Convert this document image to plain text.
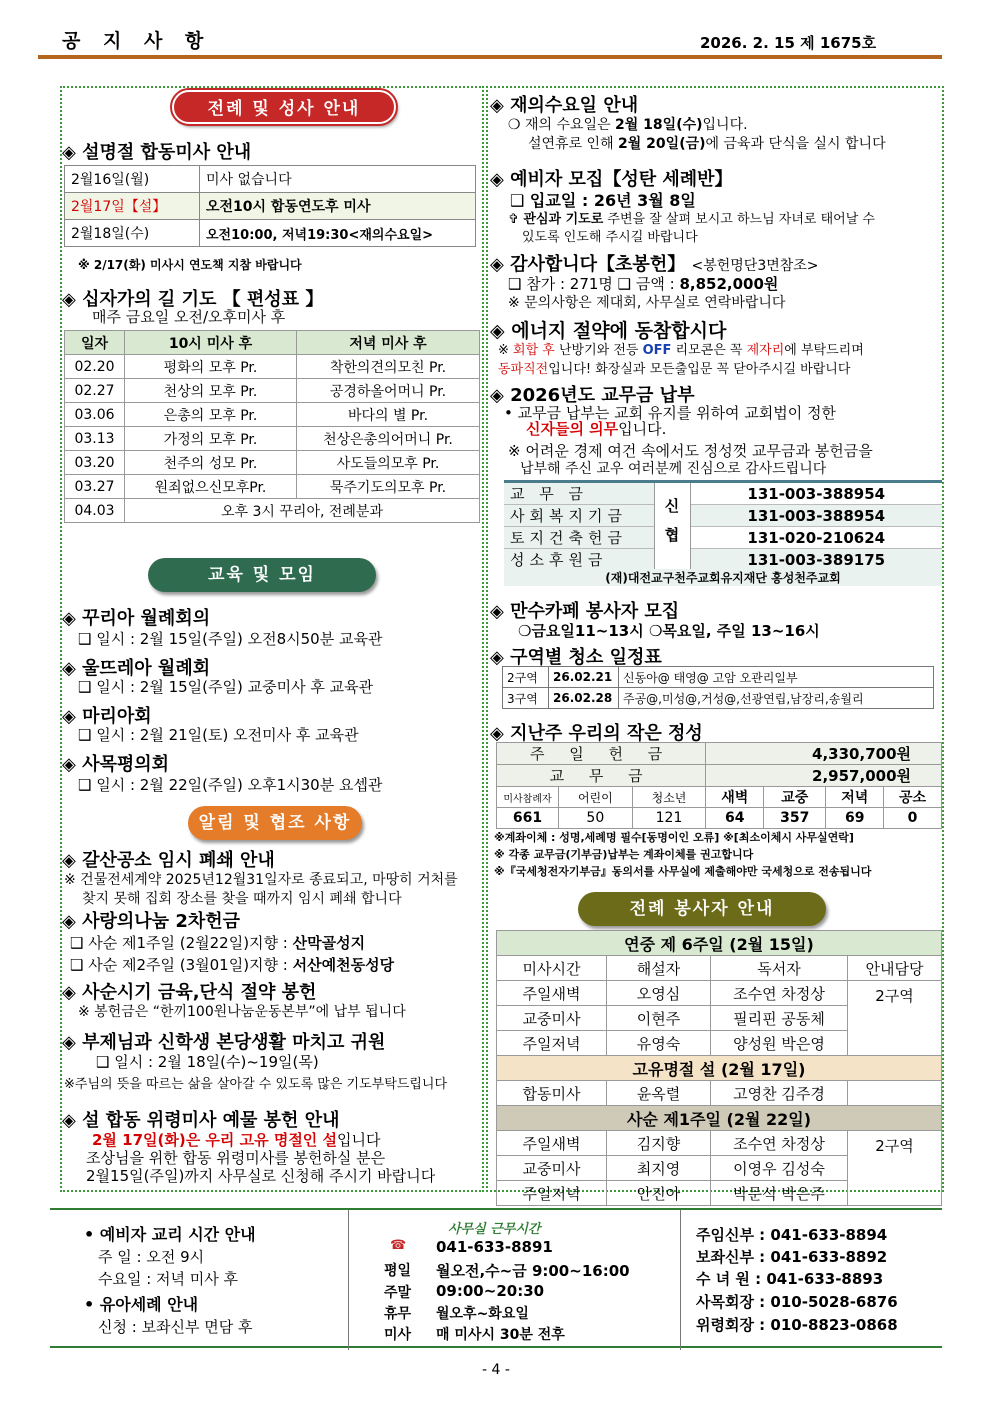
공 지 사 항	2026. 2. 15 제 1675호
전례 및 성사 안내
◈ 설명절 합동미사 안내
2월16일(월)	미사 없습니다
2월17일【설】	오전10시 합동연도후 미사
2월18일(수)	오전10:00, 저녁19:30<재의수요일>
※ 2/17(화) 미사시 연도책 지참 바랍니다
◈ 십자가의 길 기도 【 편성표 】
매주 금요일 오전/오후미사 후
일자	10시 미사 후	저녁 미사 후
02.20	평화의 모후 Pr.	착한의견의모친 Pr.
02.27	천상의 모후 Pr.	공경하올어머니 Pr.
03.06	은총의 모후 Pr.	바다의 별 Pr.
03.13	가정의 모후 Pr.	천상은총의어머니 Pr.
03.20	천주의 성모 Pr.	사도들의모후 Pr.
03.27	원죄없으신모후Pr.	묵주기도의모후 Pr.
04.03	오후 3시 꾸리아, 전례분과	
교육 및 모임
◈ 꾸리아 월례회의
❑ 일시 : 2월 15일(주일) 오전8시50분 교육관
◈ 울뜨레아 월례회
❑ 일시 : 2월 15일(주일) 교중미사 후 교육관
◈ 마리아회
❑ 일시 : 2월 21일(토) 오전미사 후 교육관
◈ 사목평의회
❑ 일시 : 2월 22일(주일) 오후1시30분 요셉관
알림 및 협조 사항
◈ 갈산공소 임시 폐쇄 안내
※ 건물전세계약 2025년12월31일자로 종료되고, 마땅히 거처를
찾지 못해 집회 장소를 찾을 때까지 임시 폐쇄 합니다
◈ 사랑의나눔 2차헌금
❑ 사순 제1주일 (2월22일)지향 : 산막골성지
❑ 사순 제2주일 (3월01일)지향 : 서산예천동성당
◈ 사순시기 금육,단식 절약 봉헌
※ 봉헌금은 “한끼100원나눔운동본부”에 납부 됩니다
◈ 부제님과 신학생 본당생활 마치고 귀원
❑ 일시 : 2월 18일(수)~19일(목)
※주님의 뜻을 따르는 삶을 살아갈 수 있도록 많은 기도부탁드립니다
◈ 설 합동 위령미사 예물 봉헌 안내
2월 17일(화)은 우리 고유 명절인 설입니다
조상님을 위한 합동 위령미사를 봉헌하실 분은
2월15일(주일)까지 사무실로 신청해 주시기 바랍니다
◈ 재의수요일 안내
❍ 재의 수요일은 2월 18일(수)입니다.
설연휴로 인해 2월 20일(금)에 금육과 단식을 실시 합니다
◈ 예비자 모집【성탄 세례반】
❑ 입교일 : 26년 3월 8일
✞ 관심과 기도로 주변을 잘 살펴 보시고 하느님 자녀로 태어날 수
있도록 인도해 주시길 바랍니다
◈ 감사합니다【초봉헌】 <봉헌명단3면참조>
❑ 참가 : 271명 ❑ 금액 : 8,852,000원
※ 문의사항은 제대회, 사무실로 연락바랍니다
◈ 에너지 절약에 동참합시다
※ 회합 후 난방기와 전등 OFF 리모콘은 꼭 제자리에 부탁드리며
동파직전입니다! 화장실과 모든출입문 꼭 닫아주시길 바랍니다
◈ 2026년도 교무금 납부
• 교무금 납부는 교회 유지를 위하여 교회법이 정한
신자들의 의무입니다.
※ 어려운 경제 여건 속에서도 정성껏 교무금과 봉헌금을
납부해 주신 교우 여러분께 진심으로 감사드립니다
교 무 금	신협	131-003-388954
사회복지기금		131-003-388954
토지건축헌금		131-020-210624
성소후원금		131-003-389175
(재)대전교구천주교회유지재단 홍성천주교회
◈ 만수카페 봉사자 모집
❍금요일11~13시 ❍목요일, 주일 13~16시
◈ 구역별 청소 일정표
2구역	26.02.21	신동아@ 태영@ 고암 오관리일부
3구역	26.02.28	주공@,미성@,거성@,선광연립,남장리,송월리
◈ 지난주 우리의 작은 정성
주 일 헌 금			4,330,700원			
교 무 금			2,957,000원			
미사참례자	어린이	청소년	새벽	교중	저녁	공소
661	50	121	64	357	69	0
※계좌이체 : 성명,세례명 필수[동명이인 오류] ※[최소이체시 사무실연락]
※ 각종 교무금(기부금)납부는 계좌이체를 권고합니다
※『국세청전자기부금』동의서를 사무실에 제출해야만 국세청으로 전송됩니다
전례 봉사자 안내
연중 제 6주일 (2월 15일)			
미사시간	해설자	독서자	안내담당
주일새벽	오영심	조수연 차정상	2구역
교중미사	이현주	필리핀 공동체	
주일저녁	유영숙	양성원 박은영	
고유명절 설 (2월 17일)			
합동미사	윤옥렬	고영찬 김주경	
사순 제1주일 (2월 22일)			
주일새벽	김지향	조수연 차정상	2구역
교중미사	최지영	이영우 김성숙	
주일저녁	안진아	박문석 박은주	
• 예비자 교리 시간 안내
주 일 : 오전 9시
수요일 : 저녁 미사 후
• 유아세례 안내
신청 : 보좌신부 면담 후
사무실 근무시간
☎ 041-633-8891
평일 월오전,수~금 9:00~16:00
주말 09:00~20:30
휴무 월오후~화요일
미사 매 미사시 30분 전후
주임신부 : 041-633-8894
보좌신부 : 041-633-8892
수 녀 원 : 041-633-8893
사목회장 : 010-5028-6876
위령회장 : 010-8823-0868
- 4 -
